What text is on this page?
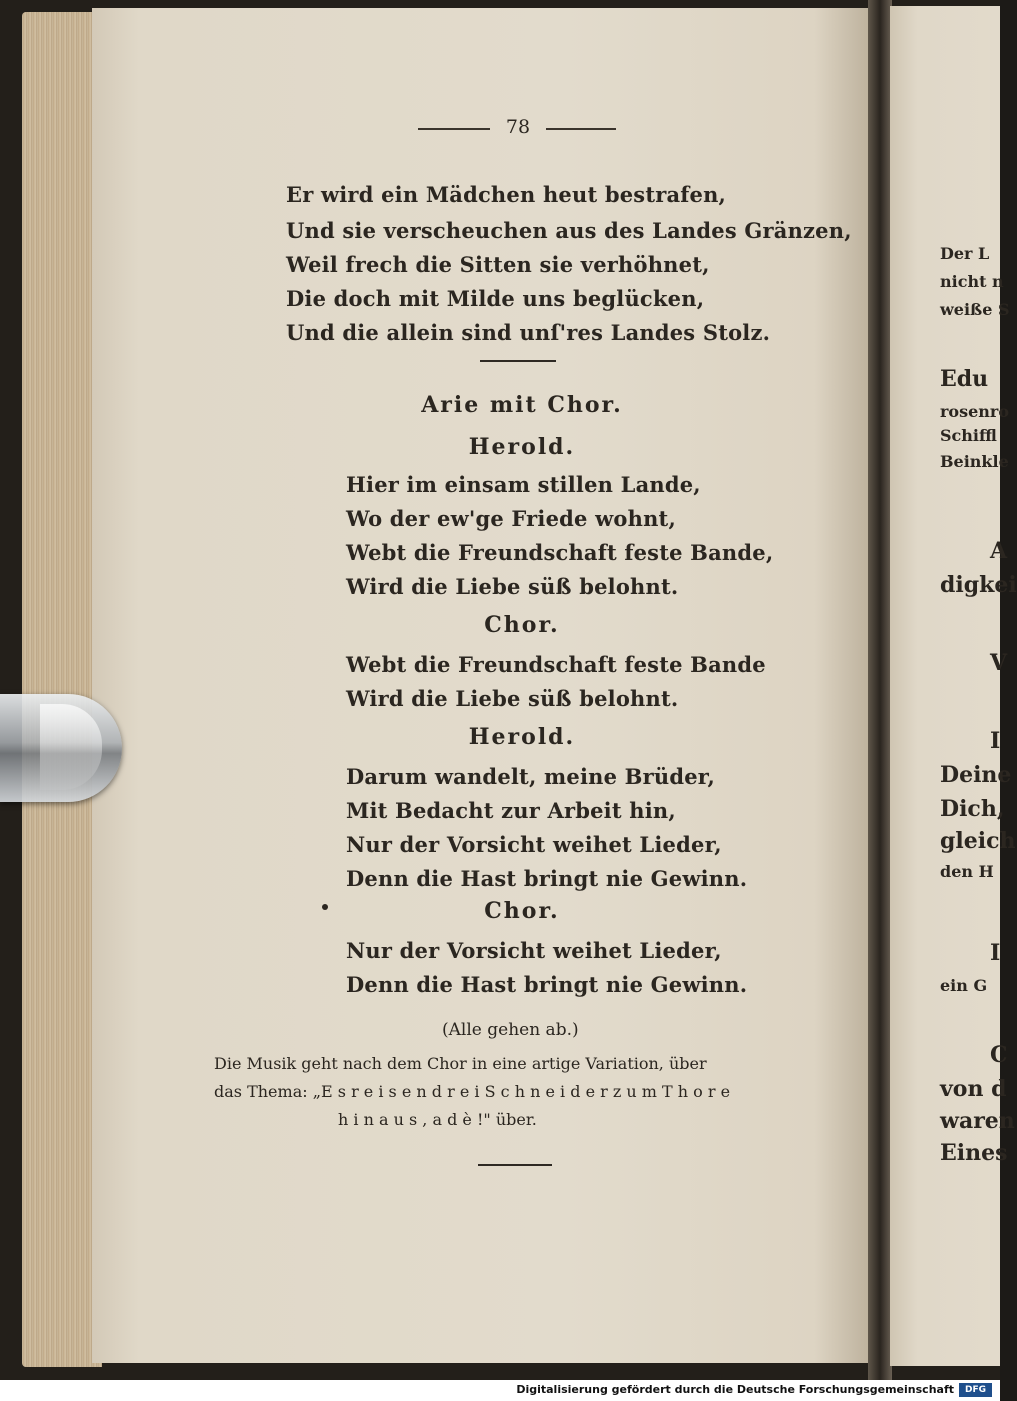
78
Er wird ein Mädchen heut bestrafen,
Und sie verscheuchen aus des Landes Gränzen,
Weil frech die Sitten sie verhöhnet,
Die doch mit Milde uns beglücken,
Und die allein sind unſ'res Landes Stolz.
Arie mit Chor.
Herold.
Hier im einsam stillen Lande,
Wo der ew'ge Friede wohnt,
Webt die Freundschaft feste Bande,
Wird die Liebe süß belohnt.
Chor.
Webt die Freundschaft feste Bande
Wird die Liebe süß belohnt.
Herold.
Darum wandelt, meine Brüder,
Mit Bedacht zur Arbeit hin,
Nur der Vorsicht weihet Lieder,
Denn die Hast bringt nie Gewinn.
Chor.
Nur der Vorsicht weihet Lieder,
Denn die Hast bringt nie Gewinn.
(Alle gehen ab.)
Die Musik geht nach dem Chor in eine artige Variation, über
das Thema: „E s r e i s e n d r e i S c h n e i d e r z u m T h o r e
h i n a u s , a d è !" über.
Der L
nicht n
weiße S
Edu
rosenro
Schiffl
Beinkle
A
digkei
V
I
Deine
Dich,
gleich
den H
I
ein G
C
von d
waren
Eines
Digitalisierung gefördert durch die Deutsche Forschungsgemeinschaft	DFG
